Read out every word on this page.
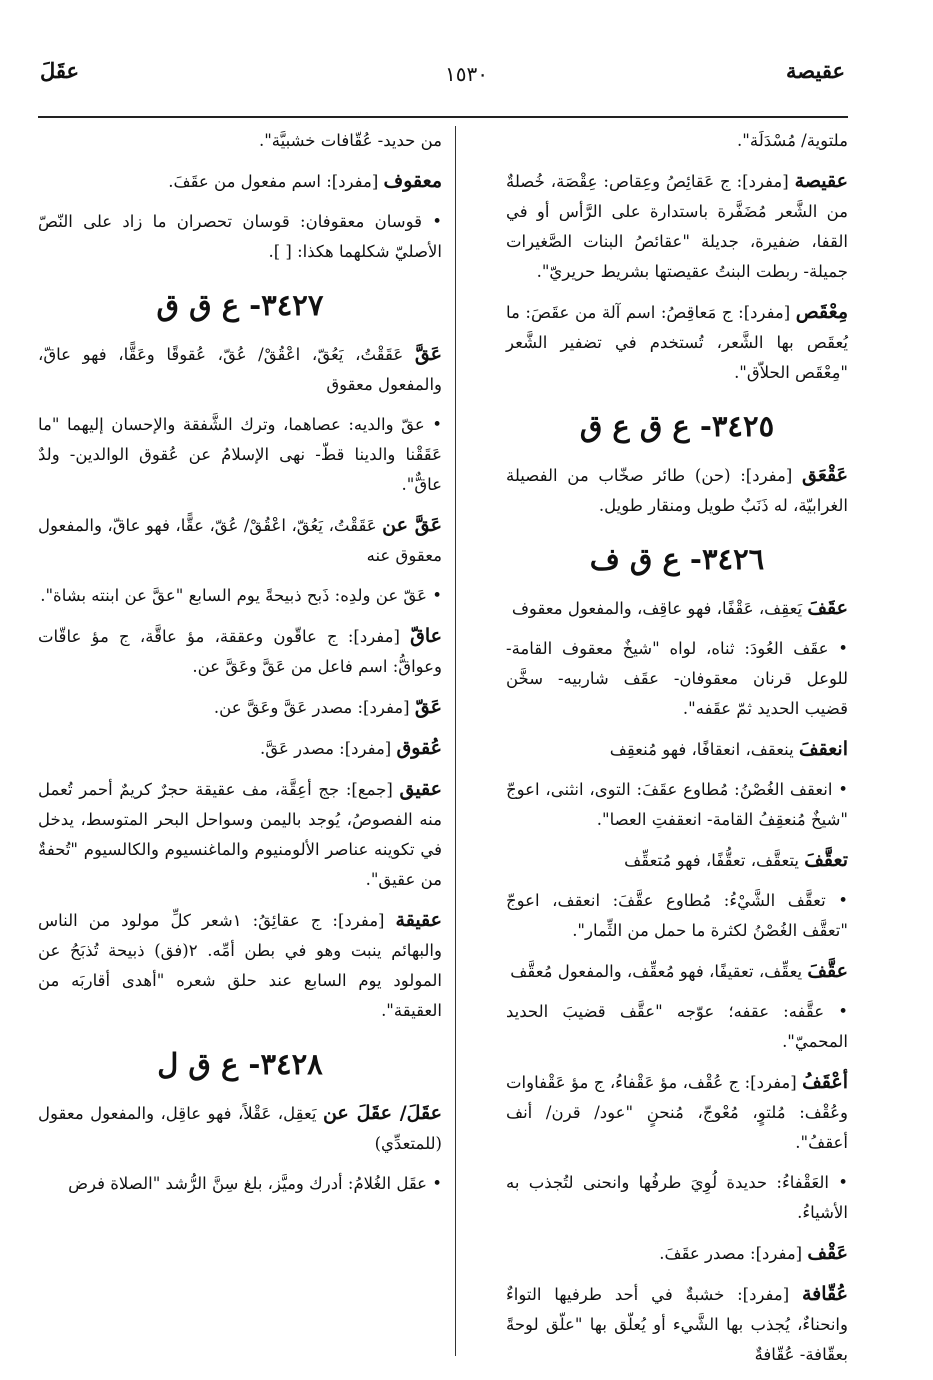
عقيصة
١٥٣٠
عقَلَ
ملتوية/ مُسْدَلَة".
عقيصة [مفرد]: ج عَقائِصُ وعِقاص: عِقْصَة، خُصلةٌ من الشَّعر مُضَفَّرة باستدارة على الرَّأس أو في القفا، ضفيرة، جديلة "عقائصُ البنات الصَّغيرات جميلة- ربطت البنتُ عقيصتها بشريط حريريّ".
مِعْقَص [مفرد]: ج مَعاقِصُ: اسم آلة من عقَصَ: ما يُعقَص بها الشَّعر، تُستخدم في تضفير الشَّعر "مِعْقَص الحلاّق".
٣٤٢٥- ع ق ع ق
عَقْعَق [مفرد]: (حن) طائر صخّاب من الفصيلة الغرابيّة، له ذَنَبٌ طويل ومنقار طويل.
٣٤٢٦- ع ق ف
عقَفَ يَعقِف، عَقْفًا، فهو عاقِف، والمفعول معقوف
• عقَف العُودَ: ثناه، لواه "شيخٌ معقوف القامة- للوعل قرنان معقوفان- عقَف شاربيه- سخَّن قضيب الحديد ثمّ عقَفه".
انعقفَ ينعقف، انعقافًا، فهو مُنعقِف
• انعقف الغُصْنُ: مُطاوع عقَفَ: التوى، انثنى، اعوجّ "شيخٌ مُنعقِفُ القامة- انعقفتِ العصا".
تعقَّفَ يتعقَّف، تعقُّفًا، فهو مُتعقِّف
• تعقَّف الشَّيْءُ: مُطاوع عقَّفَ: انعقف، اعوجّ "تعقَّف الغُصْنُ لكثرة ما حمل من الثِّمار".
عقَّفَ يعقِّف، تعقيفًا، فهو مُعقِّف، والمفعول مُعقَّف
• عقَّفه: عقفه؛ عوّجه "عقَّف قضيبَ الحديد المحميّ".
أعْقَفُ [مفرد]: ج عُقْف، مؤ عَقْفاءُ، ج مؤ عَقْفاوات وعُقْف: مُلتوٍ، مُعْوجّ، مُنحنٍ "عود/ قرن/ أنف أعقفُ".
• العَقْفاءُ: حديدة لُوِيَ طرفُها وانحنى لتُجذب به الأشياءُ.
عَقْف [مفرد]: مصدر عقَفَ.
عُقّافة [مفرد]: خشبةٌ في أحد طرفيها التواءٌ وانحناءٌ، يُجذب بها الشَّيء أو يُعلّق بها "علّق لوحةً بعقّافة- عُقّافةٌ
من حديد- عُقّافات خشبيَّة".
معقوف [مفرد]: اسم مفعول من عقَفَ.
• قوسان معقوفان: قوسان تحصران ما زاد على النّصّ الأصليّ شكلهما هكذا: [ ].
٣٤٢٧- ع ق ق
عَقَّ عَقَقْتُ، يَعُقّ، اعْقُقْ/ عُقّ، عُقوقًا وعَقًّا، فهو عاقّ، والمفعول معقوق
• عقّ والديه: عصاهما، وترك الشَّفقة والإحسان إليهما "ما عَقَقْنا والدينا قطّ- نهى الإسلامُ عن عُقوق الوالدين- ولدٌ عاقٌّ".
عَقَّ عن عَقَقْتُ، يَعُقّ، اعْقُقْ/ عُقّ، عقًّا، فهو عاقّ، والمفعول معقوق عنه
• عَقّ عن ولدِه: ذَبح ذبيحةً يوم السابع "عقَّ عن ابنته بشاة".
عاقّ [مفرد]: ج عاقّون وعققة، مؤ عاقَّة، ج مؤ عاقّات وعواقُّ: اسم فاعل من عَقَّ وعَقَّ عن.
عَقّ [مفرد]: مصدر عَقَّ وعَقَّ عن.
عُقوق [مفرد]: مصدر عَقَّ.
عقيق [جمع]: جج أعِقَّة، مف عقيقة حجرٌ كريمٌ أحمر تُعمل منه الفصوصُ، يُوجد باليمن وسواحل البحر المتوسط، يدخل في تكوينه عناصر الألومنيوم والماغنسيوم والكالسيوم "تُحفةٌ من عقيق".
عقيقة [مفرد]: ج عقائِقُ: ١شعر كلِّ مولود من الناس والبهائم ينبت وهو في بطن أمِّه. ٢(فق) ذبيحة تُذبَحُ عن المولود يوم السابع عند حلق شعره "أهدى أقاربَه من العقيقة".
٣٤٢٨- ع ق ل
عقَلَ/ عقَلَ عن يَعقِل، عَقْلاً، فهو عاقِل، والمفعول معقول (للمتعدِّي)
• عقَل الغُلامُ: أدرك وميَّز، بلغ سِنَّ الرُّشد "الصلاة فرض
